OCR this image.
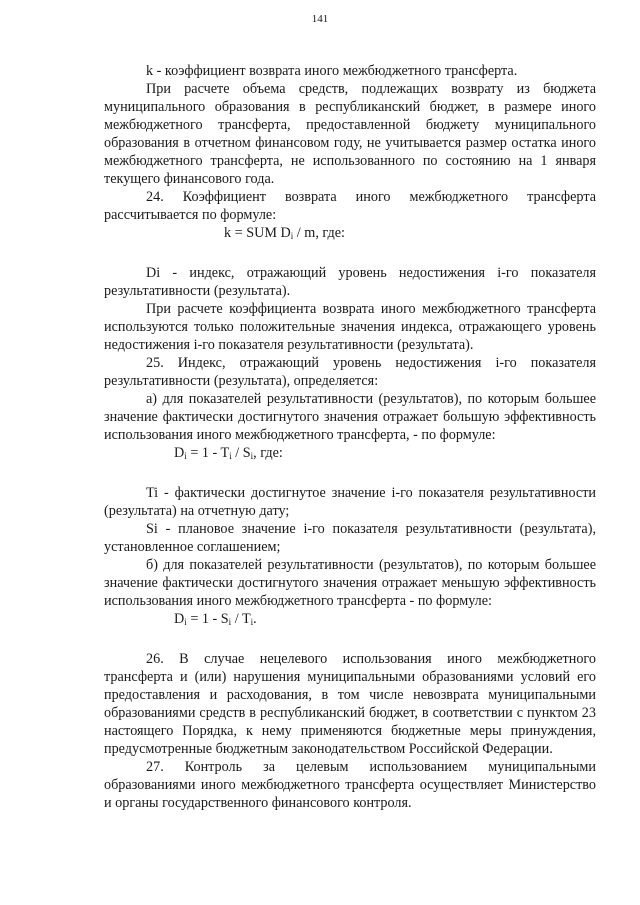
141

k - коэффициент возврата иного межбюджетного трансферта.

При расчете объема средств, подлежащих возврату из бюджета муниципального образования в республиканский бюджет, в размере иного межбюджетного трансферта, предоставленной бюджету муниципального образования в отчетном финансовом году, не учитывается размер остатка иного межбюджетного трансферта, не использованного по состоянию на 1 января текущего финансового года.

24. Коэффициент возврата иного межбюджетного трансферта рассчитывается по формуле:

k = SUM $D_i$ / m, где:

Di - индекс, отражающий уровень недостижения i-го показателя результативности (результата).

При расчете коэффициента возврата иного межбюджетного трансферта используются только положительные значения индекса, отражающего уровень недостижения i-го показателя результативности (результата).

25. Индекс, отражающий уровень недостижения i-го показателя результативности (результата), определяется:

а) для показателей результативности (результатов), по которым большее значение фактически достигнутого значения отражает большую эффективность использования иного межбюджетного трансферта, - по формуле:

$D_i = 1 - T_i / S_i$, где:

Ti - фактически достигнутое значение i-го показателя результативности (результата) на отчетную дату;

Si - плановое значение i-го показателя результативности (результата), установленное соглашением;

б) для показателей результативности (результатов), по которым большее значение фактически достигнутого значения отражает меньшую эффективность использования иного межбюджетного трансферта - по формуле:

$D_i = 1 - S_i / T_i$.

26. В случае нецелевого использования иного межбюджетного трансферта и (или) нарушения муниципальными образованиями условий его предоставления и расходования, в том числе невозврата муниципальными образованиями средств в республиканский бюджет, в соответствии с пунктом 23 настоящего Порядка, к нему применяются бюджетные меры принуждения, предусмотренные бюджетным законодательством Российской Федерации.

27. Контроль за целевым использованием муниципальными образованиями иного межбюджетного трансферта осуществляет Министерство и органы государственного финансового контроля.
